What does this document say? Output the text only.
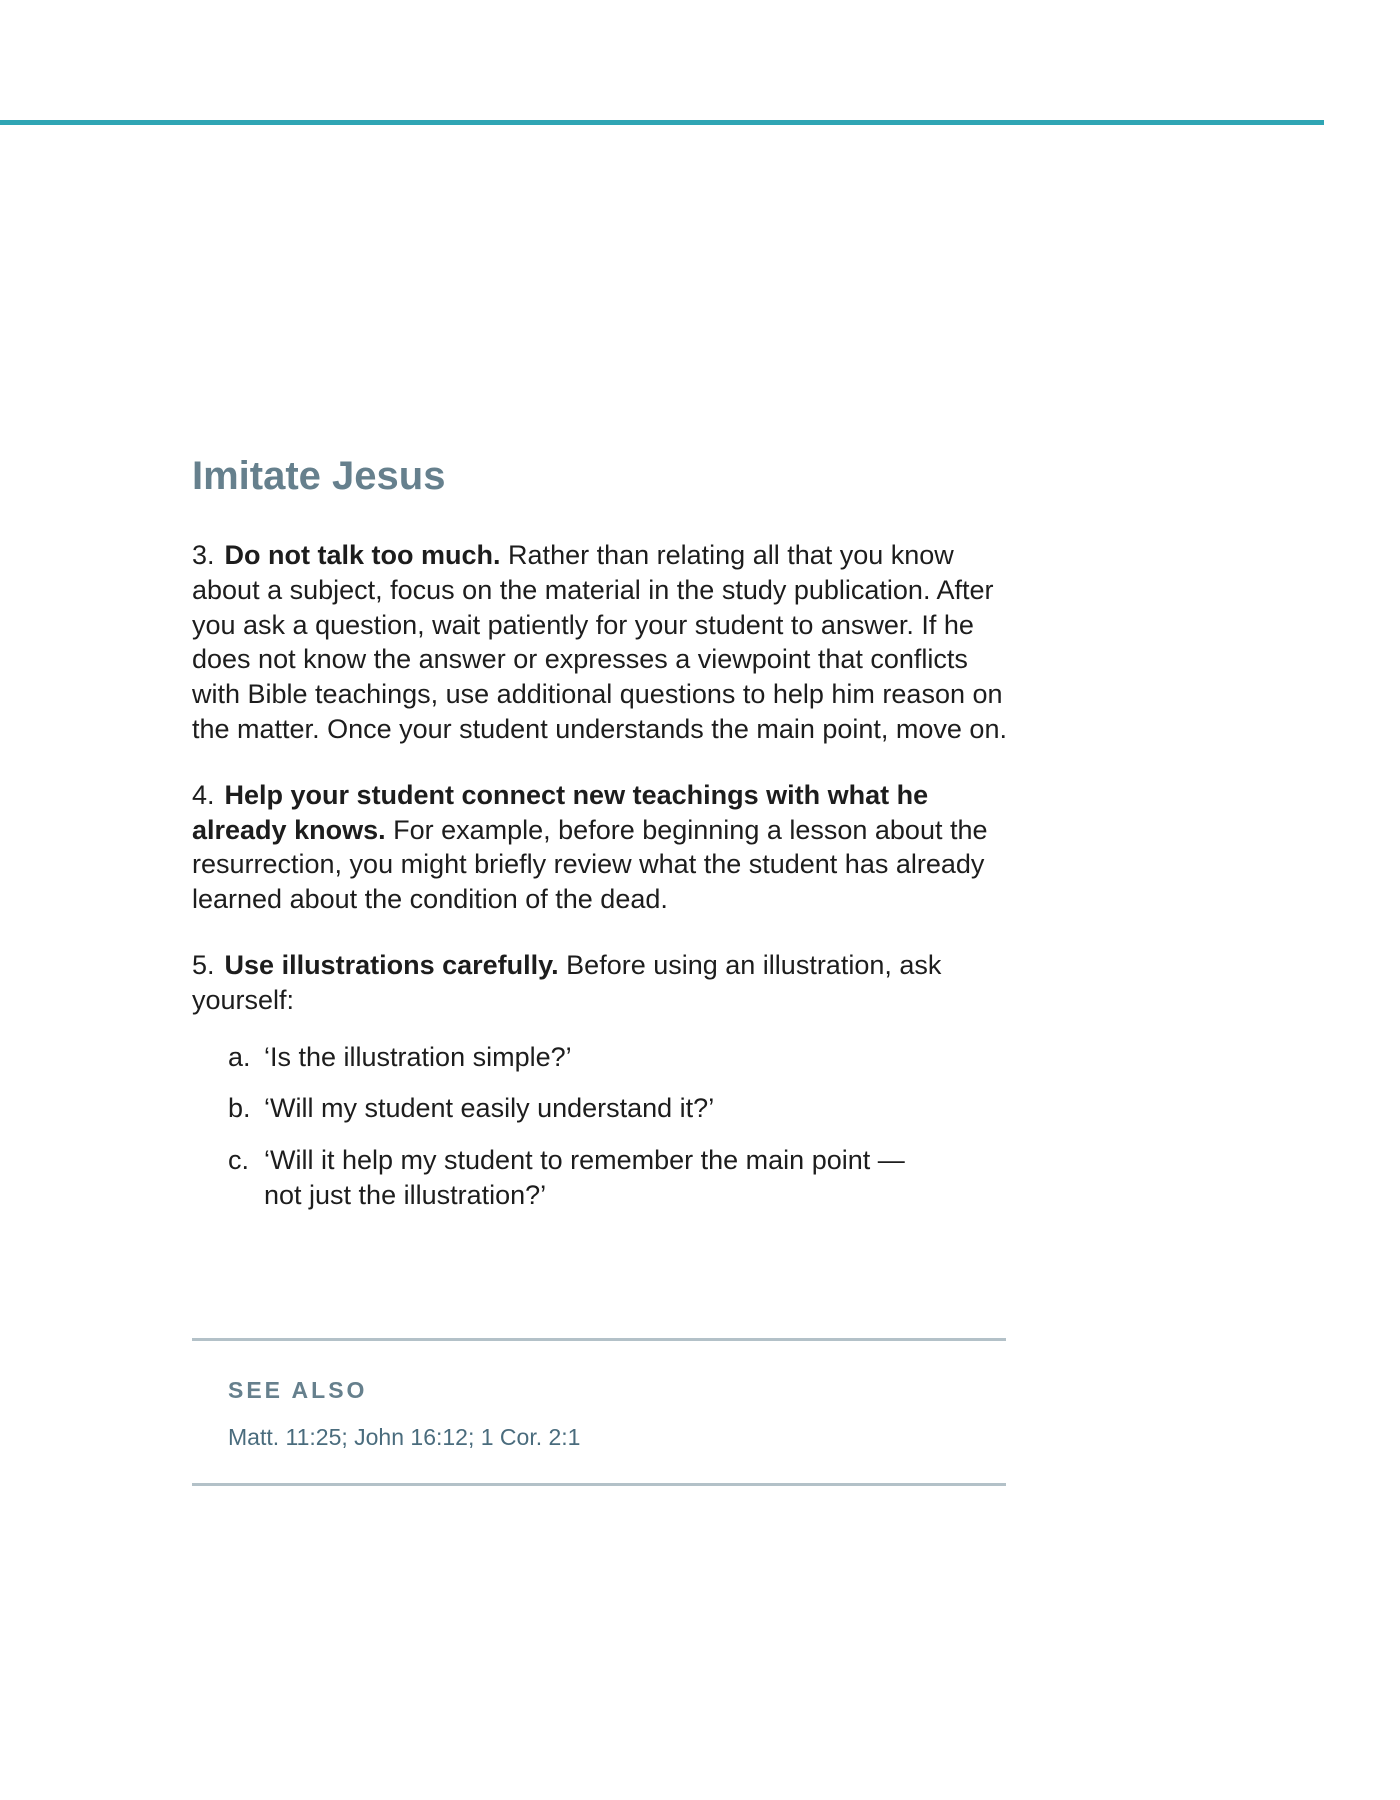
Imitate Jesus

3. Do not talk too much. Rather than relating all that you know about a subject, focus on the material in the study publication. After you ask a question, wait patiently for your student to answer. If he does not know the answer or expresses a viewpoint that conflicts with Bible teachings, use additional questions to help him reason on the matter. Once your student understands the main point, move on.

4. Help your student connect new teachings with what he already knows. For example, before beginning a lesson about the resurrection, you might briefly review what the student has already learned about the condition of the dead.

5. Use illustrations carefully. Before using an illustration, ask yourself:

a. ‘Is the illustration simple?’
b. ‘Will my student easily understand it?’
c. ‘Will it help my student to remember the main point —not just the illustration?’
SEE ALSO
Matt. 11:25; John 16:12; 1 Cor. 2:1
